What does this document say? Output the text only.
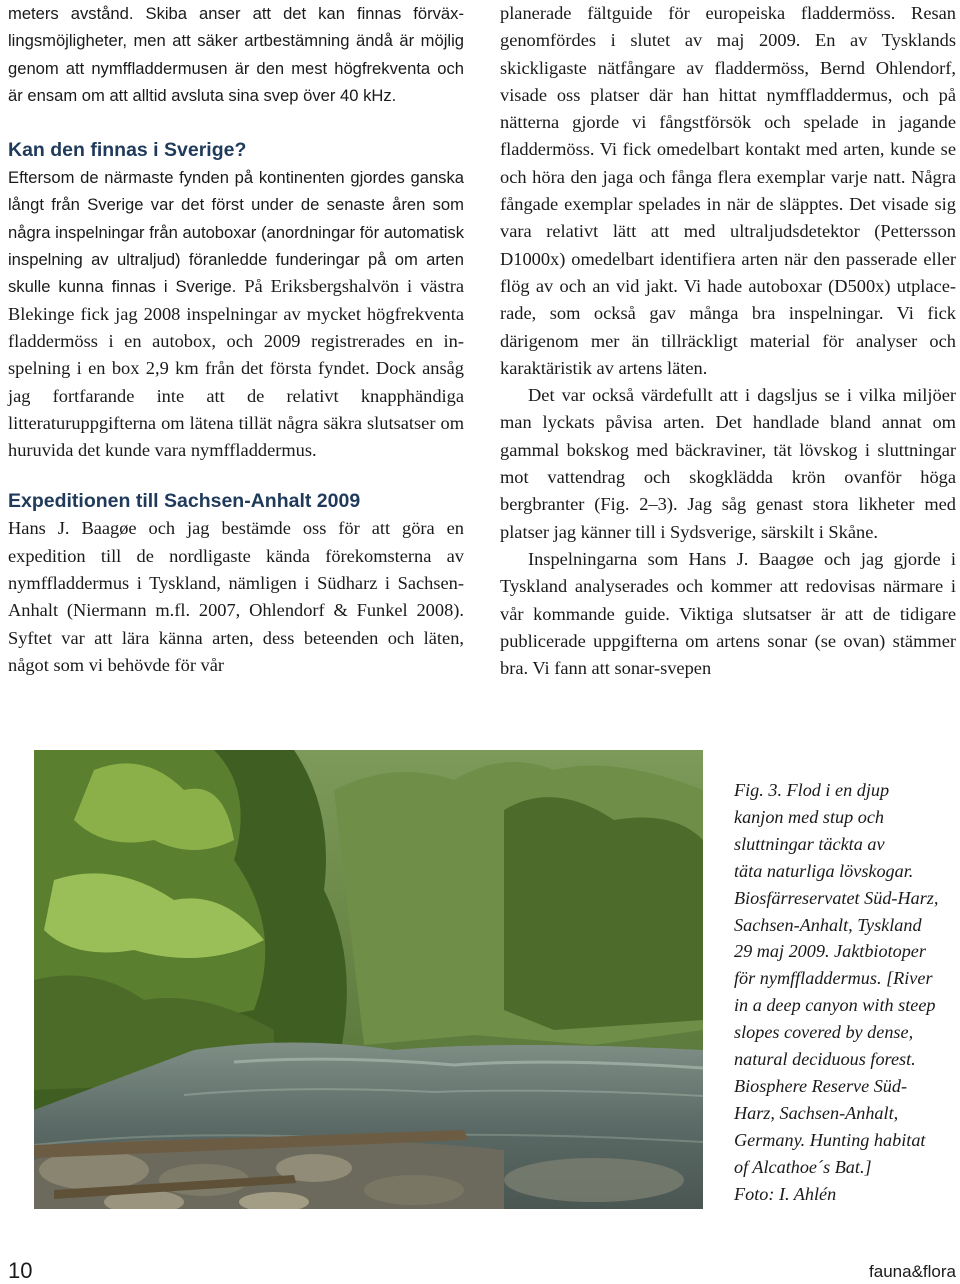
meters avstånd. Skiba anser att det kan finnas förväxlingsmöjligheter, men att säker artbestämning ändå är möjlig genom att nymffladdermusen är den mest högfrekventa och är ensam om att alltid avsluta sina svep över 40 kHz.

Kan den finnas i Sverige?

Eftersom de närmaste fynden på kontinenten gjordes ganska långt från Sverige var det först under de senaste åren som några inspelningar från autoboxar (anordningar för automatisk inspelning av ultraljud) föranledde funderingar på om arten skulle kunna finnas i Sverige. På Eriksbergshalvön i västra Blekinge fick jag 2008 inspelningar av mycket högfrekventa fladdermöss i en autobox, och 2009 registrerades en inspelning i en box 2,9 km från det första fyndet. Dock ansåg jag fortfarande inte att de relativt knapphändiga litteraturuppgifterna om lätena tillät några säkra slutsatser om huruvida det kunde vara nymffladdermus.

Expeditionen till Sachsen-Anhalt 2009

Hans J. Baagøe och jag bestämde oss för att göra en expedition till de nordligaste kända förekomsterna av nymffladdermus i Tyskland, nämligen i Südharz i Sachsen-Anhalt (Niermann m.fl. 2007, Ohlendorf & Funkel 2008). Syftet var att lära känna arten, dess beteenden och läten, något som vi behövde för vår

planerade fältguide för europeiska fladdermöss. Resan genomfördes i slutet av maj 2009. En av Tysklands skickligaste nätfångare av fladdermöss, Bernd Ohlendorf, visade oss platser där han hittat nymffladdermus, och på nätterna gjorde vi fångstförsök och spelade in jagande fladdermöss. Vi fick omedelbart kontakt med arten, kunde se och höra den jaga och fånga flera exemplar varje natt. Några fångade exemplar spelades in när de släpptes. Det visade sig vara relativt lätt att med ultraljudsdetektor (Pettersson D1000x) omedelbart identifiera arten när den passerade eller flög av och an vid jakt. Vi hade autoboxar (D500x) utplacerade, som också gav många bra inspelningar. Vi fick därigenom mer än tillräckligt material för analyser och karaktäristik av artens läten.

Det var också värdefullt att i dagsljus se i vilka miljöer man lyckats påvisa arten. Det handlade bland annat om gammal bokskog med bäckraviner, tät lövskog i sluttningar mot vattendrag och skogklädda krön ovanför höga bergbranter (Fig. 2–3). Jag såg genast stora likheter med platser jag känner till i Sydsverige, särskilt i Skåne.

Inspelningarna som Hans J. Baagøe och jag gjorde i Tyskland analyserades och kommer att redovisas närmare i vår kommande guide. Viktiga slutsatser är att de tidigare publicerade uppgifterna om artens sonar (se ovan) stämmer bra. Vi fann att sonar-svepen

Fig. 3. Flod i en djup
kanjon med stup och
sluttningar täckta av
täta naturliga lövskogar.
Biosfärreservatet Süd-Harz,
Sachsen-Anhalt, Tyskland
29 maj 2009. Jaktbiotoper
för nymffladdermus. [River
in a deep canyon with steep
slopes covered by dense,
natural deciduous forest.
Biosphere Reserve Süd-
Harz, Sachsen-Anhalt,
Germany. Hunting habitat
of Alcathoe´s Bat.]
Foto: I. Ahlén
10	fauna&flora
